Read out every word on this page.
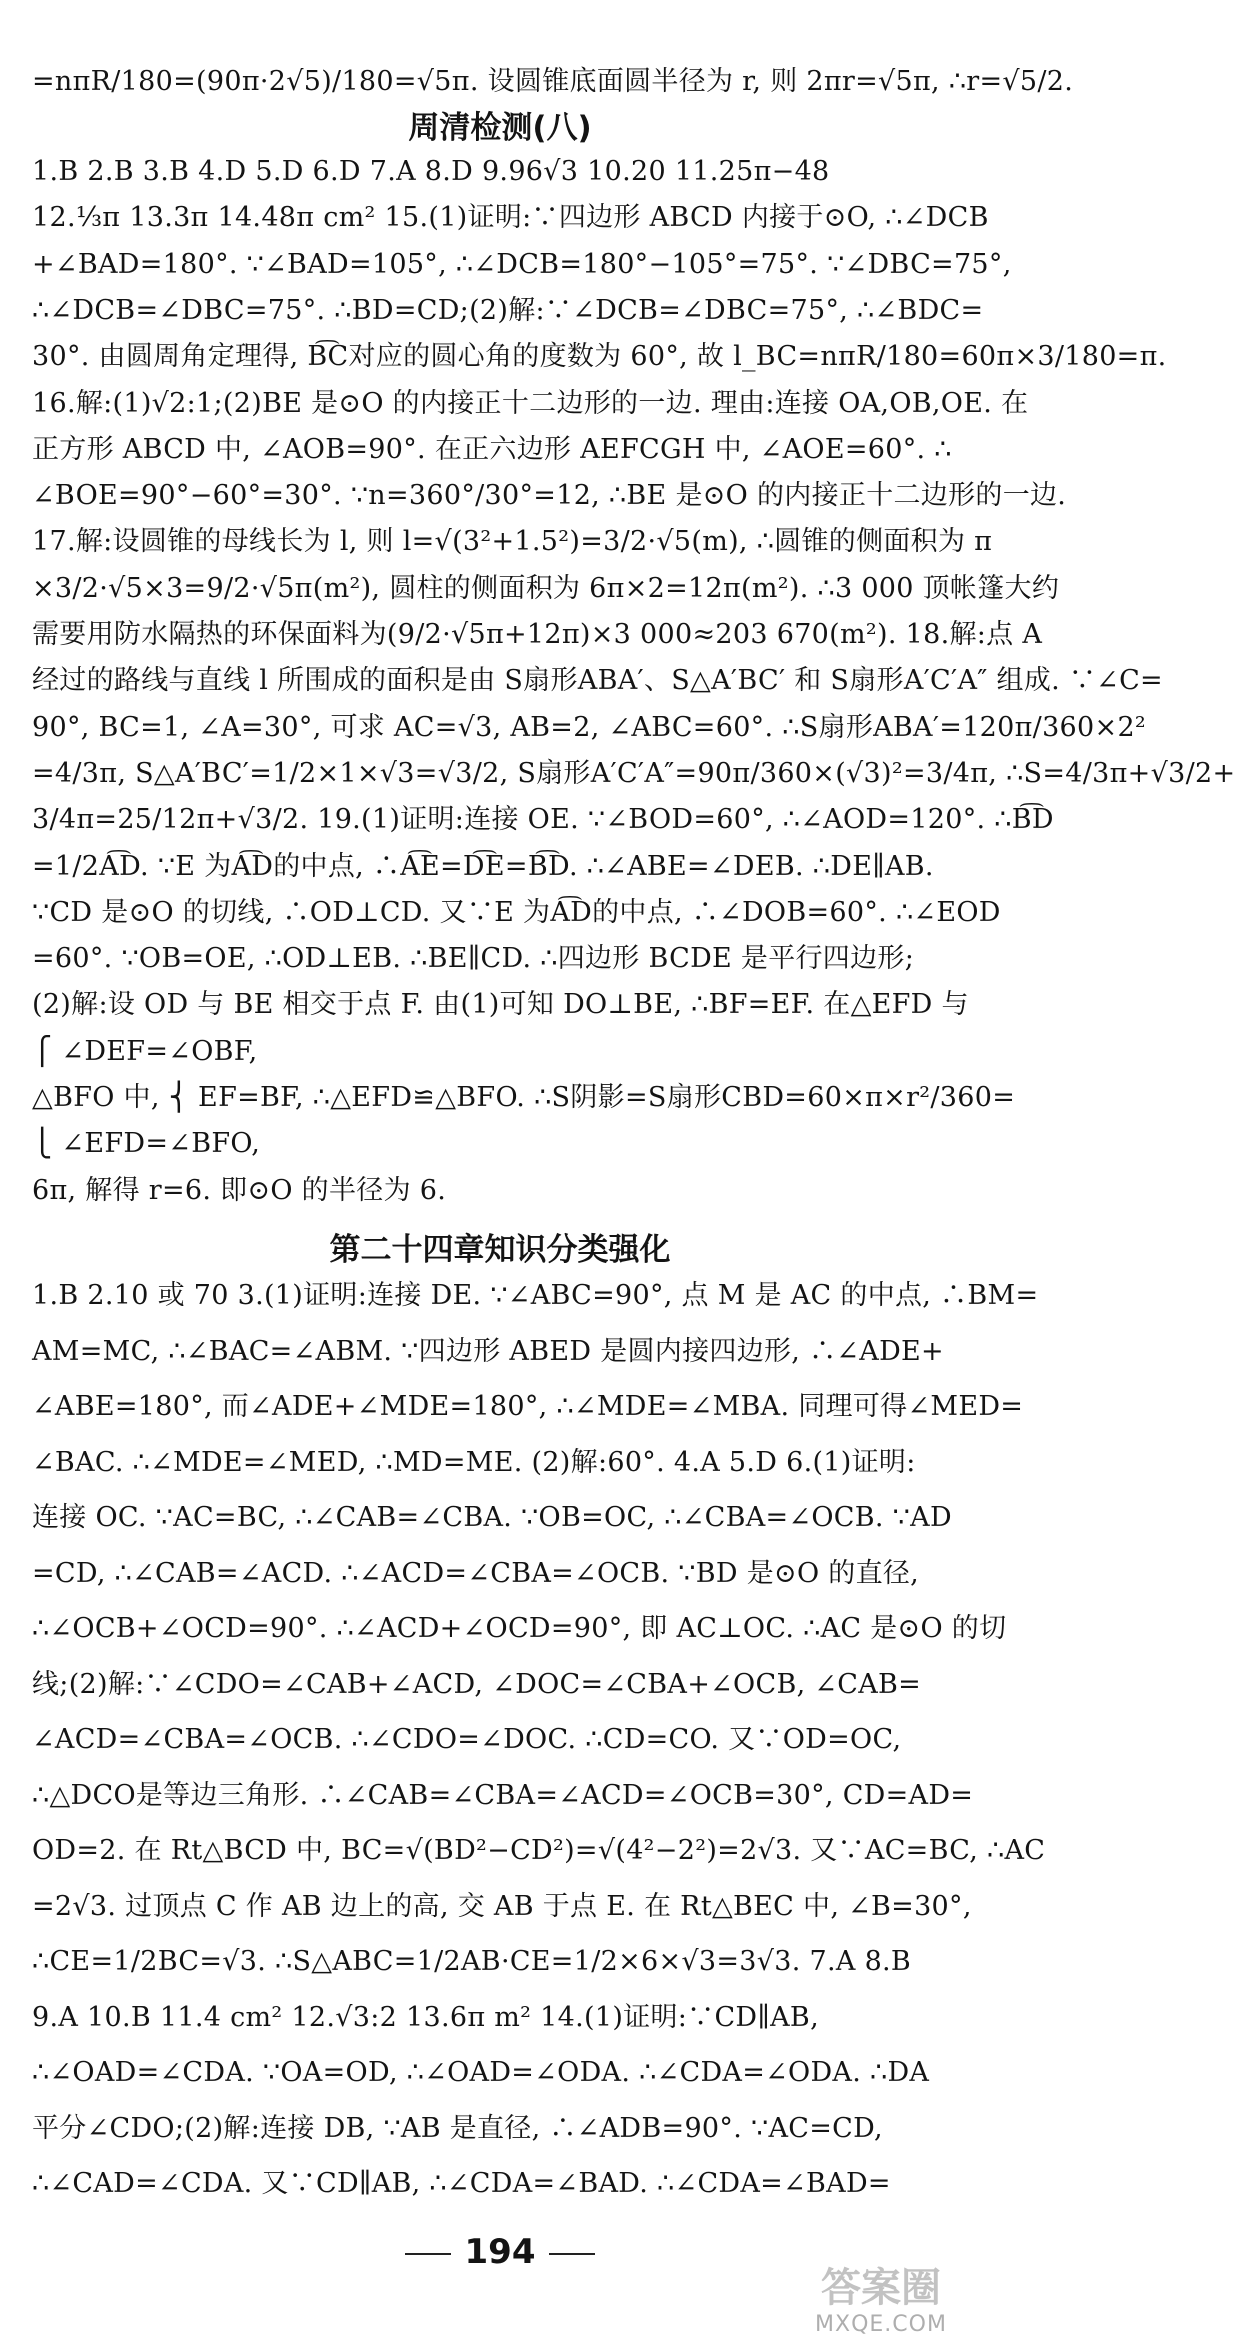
=nπR/180=(90π·2√5)/180=√5π. 设圆锥底面圆半径为 r, 则 2πr=√5π, ∴r=√5/2.
周清检测(八)
1.B 2.B 3.B 4.D 5.D 6.D 7.A 8.D 9.96√3 10.20 11.25π−48
12.⅓π 13.3π 14.48π cm² 15.(1)证明:∵四边形 ABCD 内接于⊙O, ∴∠DCB
+∠BAD=180°. ∵∠BAD=105°, ∴∠DCB=180°−105°=75°. ∵∠DBC=75°,
∴∠DCB=∠DBC=75°. ∴BD=CD;(2)解:∵∠DCB=∠DBC=75°, ∴∠BDC=
30°. 由圆周角定理得, B͡C对应的圆心角的度数为 60°, 故 l_BC=nπR/180=60π×3/180=π.
16.解:(1)√2:1;(2)BE 是⊙O 的内接正十二边形的一边. 理由:连接 OA,OB,OE. 在
正方形 ABCD 中, ∠AOB=90°. 在正六边形 AEFCGH 中, ∠AOE=60°. ∴
∠BOE=90°−60°=30°. ∵n=360°/30°=12, ∴BE 是⊙O 的内接正十二边形的一边.
17.解:设圆锥的母线长为 l, 则 l=√(3²+1.5²)=3/2·√5(m), ∴圆锥的侧面积为 π
×3/2·√5×3=9/2·√5π(m²), 圆柱的侧面积为 6π×2=12π(m²). ∴3 000 顶帐篷大约
需要用防水隔热的环保面料为(9/2·√5π+12π)×3 000≈203 670(m²). 18.解:点 A
经过的路线与直线 l 所围成的面积是由 S扇形ABA′、S△A′BC′ 和 S扇形A′C′A″ 组成. ∵∠C=
90°, BC=1, ∠A=30°, 可求 AC=√3, AB=2, ∠ABC=60°. ∴S扇形ABA′=120π/360×2²
=4/3π, S△A′BC′=1/2×1×√3=√3/2, S扇形A′C′A″=90π/360×(√3)²=3/4π, ∴S=4/3π+√3/2+
3/4π=25/12π+√3/2. 19.(1)证明:连接 OE. ∵∠BOD=60°, ∴∠AOD=120°. ∴B͡D
=1/2A͡D. ∵E 为A͡D的中点, ∴A͡E=D͡E=B͡D. ∴∠ABE=∠DEB. ∴DE∥AB.
∵CD 是⊙O 的切线, ∴OD⊥CD. 又∵E 为A͡D的中点, ∴∠DOB=60°. ∴∠EOD
=60°. ∵OB=OE, ∴OD⊥EB. ∴BE∥CD. ∴四边形 BCDE 是平行四边形;
(2)解:设 OD 与 BE 相交于点 F. 由(1)可知 DO⊥BE, ∴BF=EF. 在△EFD 与
⎧ ∠DEF=∠OBF,
△BFO 中, ⎨ EF=BF, ∴△EFD≌△BFO. ∴S阴影=S扇形CBD=60×π×r²/360=
⎩ ∠EFD=∠BFO,
6π, 解得 r=6. 即⊙O 的半径为 6.
第二十四章知识分类强化
1.B 2.10 或 70 3.(1)证明:连接 DE. ∵∠ABC=90°, 点 M 是 AC 的中点, ∴BM=
AM=MC, ∴∠BAC=∠ABM. ∵四边形 ABED 是圆内接四边形, ∴∠ADE+
∠ABE=180°, 而∠ADE+∠MDE=180°, ∴∠MDE=∠MBA. 同理可得∠MED=
∠BAC. ∴∠MDE=∠MED, ∴MD=ME. (2)解:60°. 4.A 5.D 6.(1)证明:
连接 OC. ∵AC=BC, ∴∠CAB=∠CBA. ∵OB=OC, ∴∠CBA=∠OCB. ∵AD
=CD, ∴∠CAB=∠ACD. ∴∠ACD=∠CBA=∠OCB. ∵BD 是⊙O 的直径,
∴∠OCB+∠OCD=90°. ∴∠ACD+∠OCD=90°, 即 AC⊥OC. ∴AC 是⊙O 的切
线;(2)解:∵∠CDO=∠CAB+∠ACD, ∠DOC=∠CBA+∠OCB, ∠CAB=
∠ACD=∠CBA=∠OCB. ∴∠CDO=∠DOC. ∴CD=CO. 又∵OD=OC,
∴△DCO是等边三角形. ∴∠CAB=∠CBA=∠ACD=∠OCB=30°, CD=AD=
OD=2. 在 Rt△BCD 中, BC=√(BD²−CD²)=√(4²−2²)=2√3. 又∵AC=BC, ∴AC
=2√3. 过顶点 C 作 AB 边上的高, 交 AB 于点 E. 在 Rt△BEC 中, ∠B=30°,
∴CE=1/2BC=√3. ∴S△ABC=1/2AB·CE=1/2×6×√3=3√3. 7.A 8.B
9.A 10.B 11.4 cm² 12.√3:2 13.6π m² 14.(1)证明:∵CD∥AB,
∴∠OAD=∠CDA. ∵OA=OD, ∴∠OAD=∠ODA. ∴∠CDA=∠ODA. ∴DA
平分∠CDO;(2)解:连接 DB, ∵AB 是直径, ∴∠ADB=90°. ∵AC=CD,
∴∠CAD=∠CDA. 又∵CD∥AB, ∴∠CDA=∠BAD. ∴∠CDA=∠BAD=
194
答案圈
MXQE.COM
